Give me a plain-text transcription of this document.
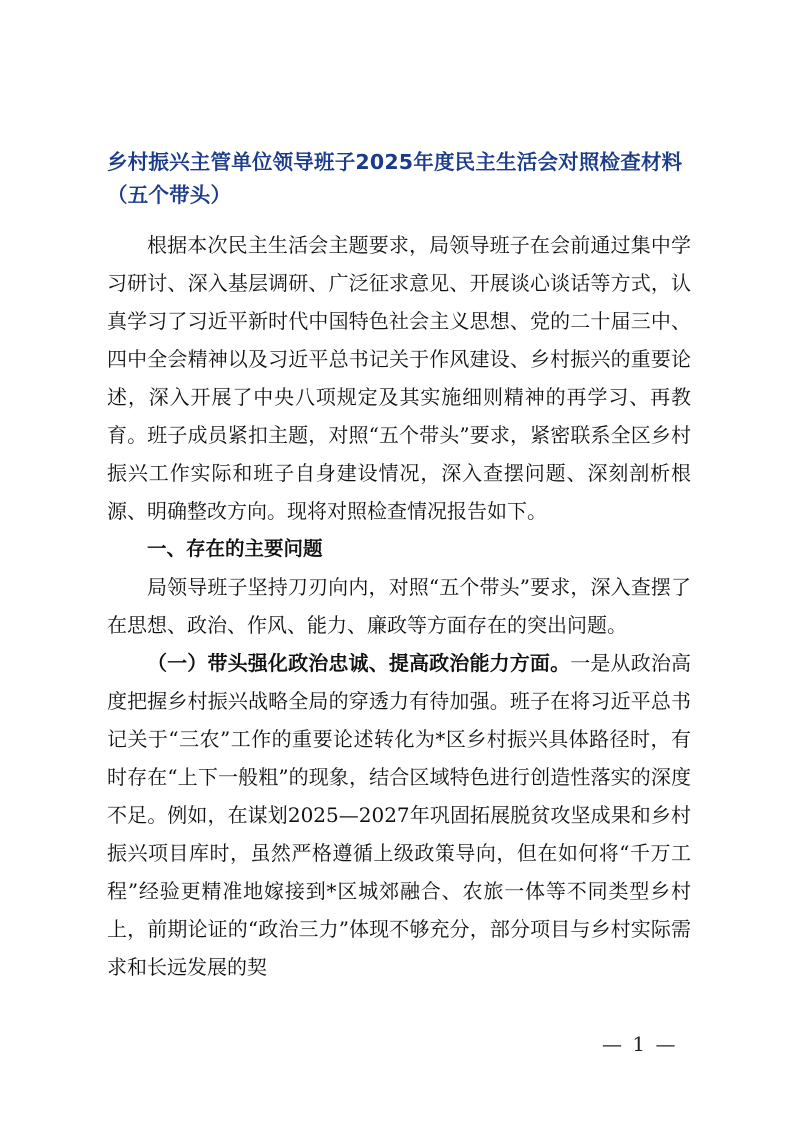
乡村振兴主管单位领导班子2025年度民主生活会对照检查材料（五个带头）

根据本次民主生活会主题要求，局领导班子在会前通过集中学习研讨、深入基层调研、广泛征求意见、开展谈心谈话等方式，认真学习了习近平新时代中国特色社会主义思想、党的二十届三中、四中全会精神以及习近平总书记关于作风建设、乡村振兴的重要论述，深入开展了中央八项规定及其实施细则精神的再学习、再教育。班子成员紧扣主题，对照“五个带头”要求，紧密联系全区乡村振兴工作实际和班子自身建设情况，深入查摆问题、深刻剖析根源、明确整改方向。现将对照检查情况报告如下。

一、存在的主要问题

局领导班子坚持刀刃向内，对照“五个带头”要求，深入查摆了在思想、政治、作风、能力、廉政等方面存在的突出问题。

（一）带头强化政治忠诚、提高政治能力方面。一是从政治高度把握乡村振兴战略全局的穿透力有待加强。班子在将习近平总书记关于“三农”工作的重要论述转化为*区乡村振兴具体路径时，有时存在“上下一般粗”的现象，结合区域特色进行创造性落实的深度不足。例如，在谋划2025—2027年巩固拓展脱贫攻坚成果和乡村振兴项目库时，虽然严格遵循上级政策导向，但在如何将“千万工程”经验更精准地嫁接到*区城郊融合、农旅一体等不同类型乡村上，前期论证的“政治三力”体现不够充分，部分项目与乡村实际需求和长远发展的契

— 1 —
